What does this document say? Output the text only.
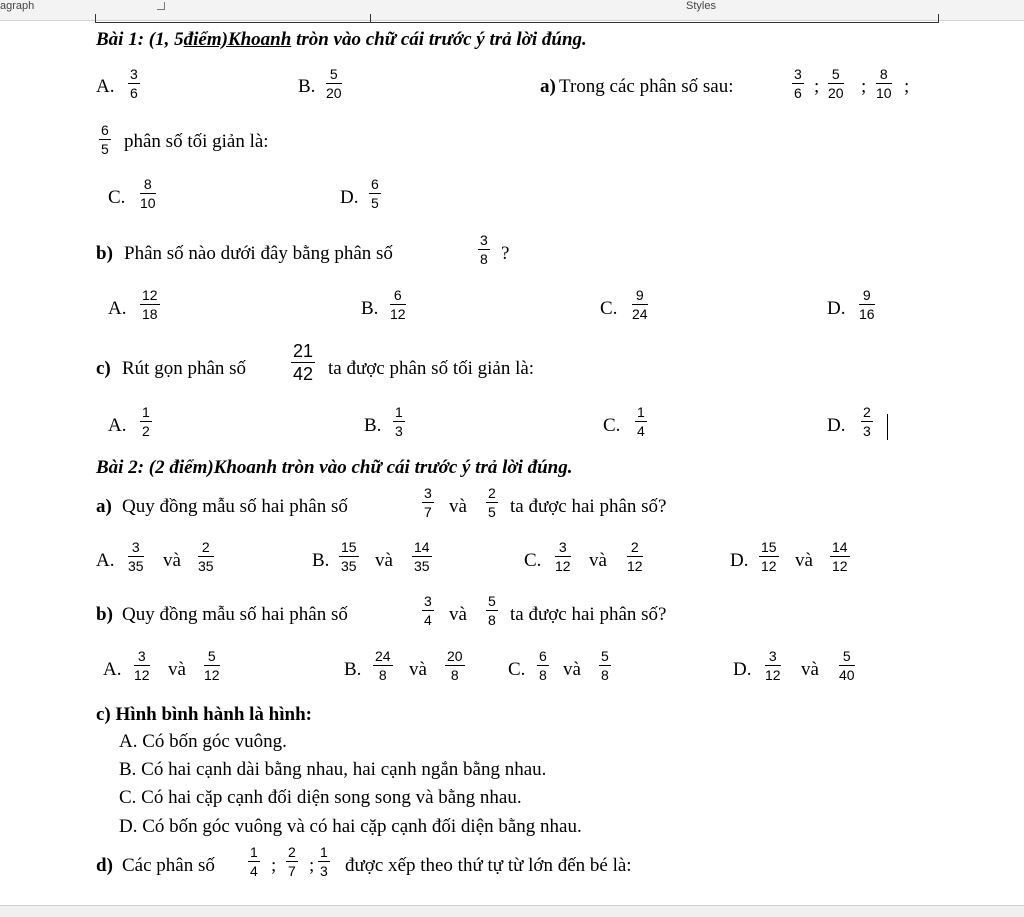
agraph	Styles
Bài 1: (1, 5điểm)Khoanh tròn vào chữ cái trước ý trả lời đúng.
A.
3
6	B.
5
20	a) Trong các phân số sau:
3
6 ;
5
20 ;
8
10 ;
6
5 phân số tối giản là:
C.
8
10	D.
6
5
b) Phân số nào dưới đây bằng phân số
3
8 ?
A.
12
18	B.
6
12	C.
9
24	D.
9
16
c) Rút gọn phân số
21
42 ta được phân số tối giản là:
A.
1
2	B.
1
3	C.
1
4	D.
2
3
Bài 2: (2 điểm)Khoanh tròn vào chữ cái trước ý trả lời đúng.
a) Quy đồng mẫu số hai phân số
3
7 và
2
5 ta được hai phân số?
A.
3
35 và
2
35	B.
15
35 và
14
35	C.
3
12 và
2
12	D.
15
12 và
14
12
b) Quy đồng mẫu số hai phân số
3
4 và
5
8 ta được hai phân số?
A.
3
12 và
5
12	B.
24
8	và
20
8	C.
6
8 và
5
8	D.
3
12 và
5
40
c) Hình bình hành là hình:
A. Có bốn góc vuông.
B. Có hai cạnh dài bằng nhau, hai cạnh ngắn bằng nhau.
C. Có hai cặp cạnh đối diện song song và bằng nhau.
D. Có bốn góc vuông và có hai cặp cạnh đối diện bằng nhau.
d) Các phân số
1
4 ;
2
7 ;
1
3 được xếp theo thứ tự từ lớn đến bé là:
